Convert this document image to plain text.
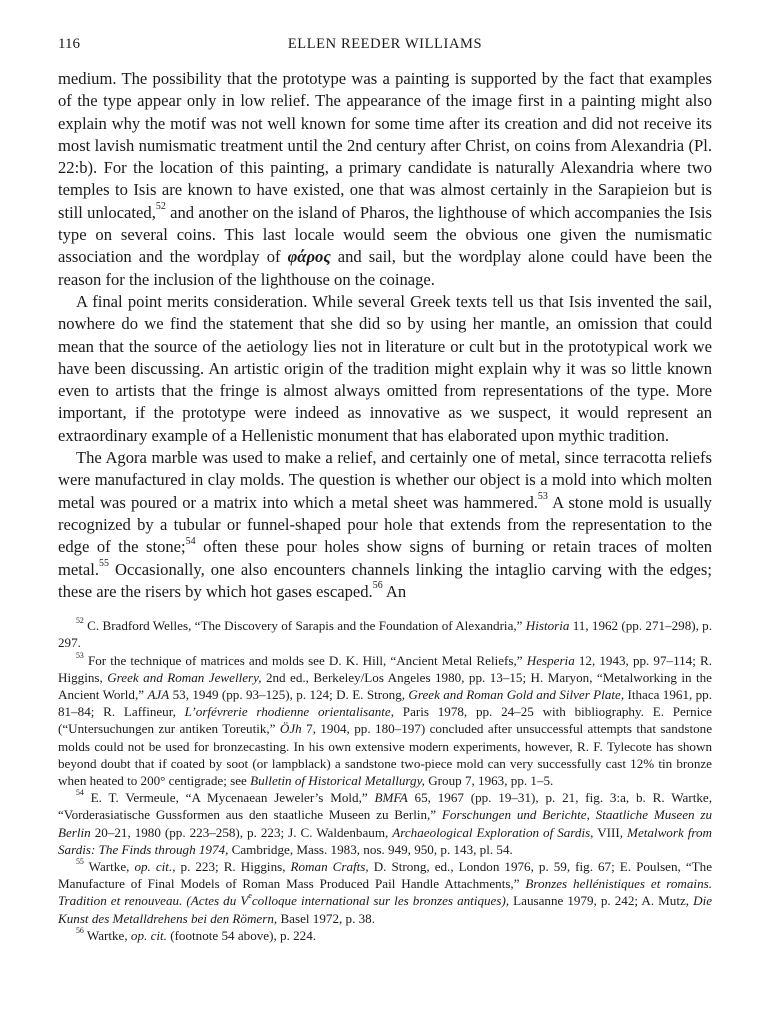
116	ELLEN REEDER WILLIAMS

medium. The possibility that the prototype was a painting is supported by the fact that examples of the type appear only in low relief. The appearance of the image first in a painting might also explain why the motif was not well known for some time after its creation and did not receive its most lavish numismatic treatment until the 2nd century after Christ, on coins from Alexandria (Pl. 22:b). For the location of this painting, a primary candidate is naturally Alexandria where two temples to Isis are known to have existed, one that was almost certainly in the Sarapieion but is still unlocated,$^{52}$ and another on the island of Pharos, the lighthouse of which accompanies the Isis type on several coins. This last locale would seem the obvious one given the numismatic association and the wordplay of φάρος and sail, but the wordplay alone could have been the reason for the inclusion of the lighthouse on the coinage.

A final point merits consideration. While several Greek texts tell us that Isis invented the sail, nowhere do we find the statement that she did so by using her mantle, an omission that could mean that the source of the aetiology lies not in literature or cult but in the prototypical work we have been discussing. An artistic origin of the tradition might explain why it was so little known even to artists that the fringe is almost always omitted from representations of the type. More important, if the prototype were indeed as innovative as we suspect, it would represent an extraordinary example of a Hellenistic monument that has elaborated upon mythic tradition.

The Agora marble was used to make a relief, and certainly one of metal, since terracotta reliefs were manufactured in clay molds. The question is whether our object is a mold into which molten metal was poured or a matrix into which a metal sheet was hammered.$^{53}$ A stone mold is usually recognized by a tubular or funnel-shaped pour hole that extends from the representation to the edge of the stone;$^{54}$ often these pour holes show signs of burning or retain traces of molten metal.$^{55}$ Occasionally, one also encounters channels linking the intaglio carving with the edges; these are the risers by which hot gases escaped.$^{56}$ An

$^{52}$ C. Bradford Welles, “The Discovery of Sarapis and the Foundation of Alexandria,” Historia 11, 1962 (pp. 271–298), p. 297.

$^{53}$ For the technique of matrices and molds see D. K. Hill, “Ancient Metal Reliefs,” Hesperia 12, 1943, pp. 97–114; R. Higgins, Greek and Roman Jewellery, 2nd ed., Berkeley/Los Angeles 1980, pp. 13–15; H. Maryon, “Metalworking in the Ancient World,” AJA 53, 1949 (pp. 93–125), p. 124; D. E. Strong, Greek and Roman Gold and Silver Plate, Ithaca 1961, pp. 81–84; R. Laffineur, L’orfévrerie rhodienne orientalisante, Paris 1978, pp. 24–25 with bibliography. E. Pernice (“Untersuchungen zur antiken Toreutik,” ÖJh 7, 1904, pp. 180–197) concluded after unsuccessful attempts that sandstone molds could not be used for bronzecasting. In his own extensive modern experiments, however, R. F. Tylecote has shown beyond doubt that if coated by soot (or lampblack) a sandstone two-piece mold can very successfully cast 12% tin bronze when heated to 200° centigrade; see Bulletin of Historical Metallurgy, Group 7, 1963, pp. 1–5.

$^{54}$ E. T. Vermeule, “A Mycenaean Jeweler’s Mold,” BMFA 65, 1967 (pp. 19–31), p. 21, fig. 3:a, b. R. Wartke, “Vorderasiatische Gussformen aus den staatliche Museen zu Berlin,” Forschungen und Berichte, Staatliche Museen zu Berlin 20–21, 1980 (pp. 223–258), p. 223; J. C. Waldenbaum, Archaeological Exploration of Sardis, VIII, Metalwork from Sardis: The Finds through 1974, Cambridge, Mass. 1983, nos. 949, 950, p. 143, pl. 54.

$^{55}$ Wartke, op. cit., p. 223; R. Higgins, Roman Crafts, D. Strong, ed., London 1976, p. 59, fig. 67; E. Poulsen, “The Manufacture of Final Models of Roman Mass Produced Pail Handle Attachments,” Bronzes hellénistiques et romains. Tradition et renouveau. (Actes du Vecolloque international sur les bronzes antiques), Lausanne 1979, p. 242; A. Mutz, Die Kunst des Metalldrehens bei den Römern, Basel 1972, p. 38.

$^{56}$ Wartke, op. cit. (footnote 54 above), p. 224.
